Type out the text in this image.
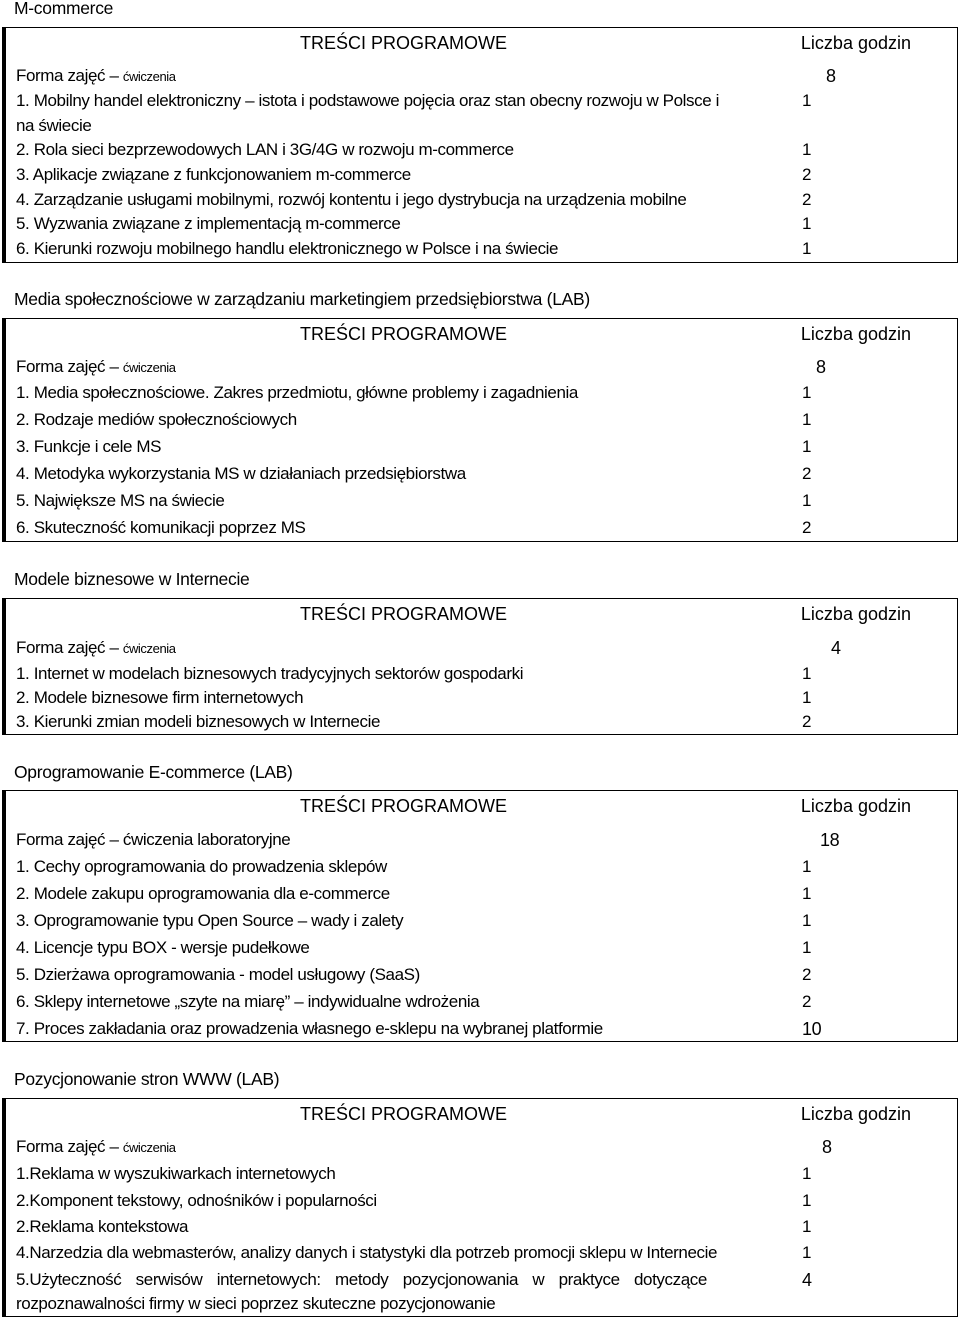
M-commerce
TREŚCI PROGRAMOWE	Liczba godzin
Forma zajęć – ćwiczenia	8
1. Mobilny handel elektroniczny – istota i podstawowe pojęcia oraz stan obecny rozwoju w Polsce i	1
na świecie
2. Rola sieci bezprzewodowych LAN i 3G/4G w rozwoju m-commerce	1
3. Aplikacje związane z funkcjonowaniem m-commerce	2
4. Zarządzanie usługami mobilnymi, rozwój kontentu i jego dystrybucja na urządzenia mobilne	2
5. Wyzwania związane z implementacją m-commerce	1
6. Kierunki rozwoju mobilnego handlu elektronicznego w Polsce i na świecie	1
Media społecznościowe w zarządzaniu marketingiem przedsiębiorstwa (LAB)
TREŚCI PROGRAMOWE	Liczba godzin
Forma zajęć – ćwiczenia	8
1. Media społecznościowe. Zakres przedmiotu, główne problemy i zagadnienia	1
2. Rodzaje mediów społecznościowych	1
3. Funkcje i cele MS	1
4. Metodyka wykorzystania MS w działaniach przedsiębiorstwa	2
5. Największe MS na świecie	1
6. Skuteczność komunikacji poprzez MS	2
Modele biznesowe w Internecie
TREŚCI PROGRAMOWE	Liczba godzin
Forma zajęć – ćwiczenia	4
1. Internet w modelach biznesowych tradycyjnych sektorów gospodarki	1
2. Modele biznesowe firm internetowych	1
3. Kierunki zmian modeli biznesowych w Internecie	2
Oprogramowanie E-commerce (LAB)
TREŚCI PROGRAMOWE	Liczba godzin
Forma zajęć – ćwiczenia laboratoryjne	18
1. Cechy oprogramowania do prowadzenia sklepów	1
2. Modele zakupu oprogramowania dla e-commerce	1
3. Oprogramowanie typu Open Source – wady i zalety	1
4. Licencje typu BOX - wersje pudełkowe	1
5. Dzierżawa oprogramowania - model usługowy (SaaS)	2
6. Sklepy internetowe „szyte na miarę” – indywidualne wdrożenia	2
7. Proces zakładania oraz prowadzenia własnego e-sklepu na wybranej platformie	10
Pozycjonowanie stron WWW (LAB)
TREŚCI PROGRAMOWE	Liczba godzin
Forma zajęć – ćwiczenia	8
1.Reklama w wyszukiwarkach internetowych	1
2.Komponent tekstowy, odnośników i popularności	1
2.Reklama kontekstowa	1
4.Narzedzia dla webmasterów, analizy danych i statystyki dla potrzeb promocji sklepu w Internecie	1
5.Użyteczność serwisów internetowych: metody pozycjonowania w praktyce dotyczące	4
rozpoznawalności firmy w sieci poprzez skuteczne pozycjonowanie
